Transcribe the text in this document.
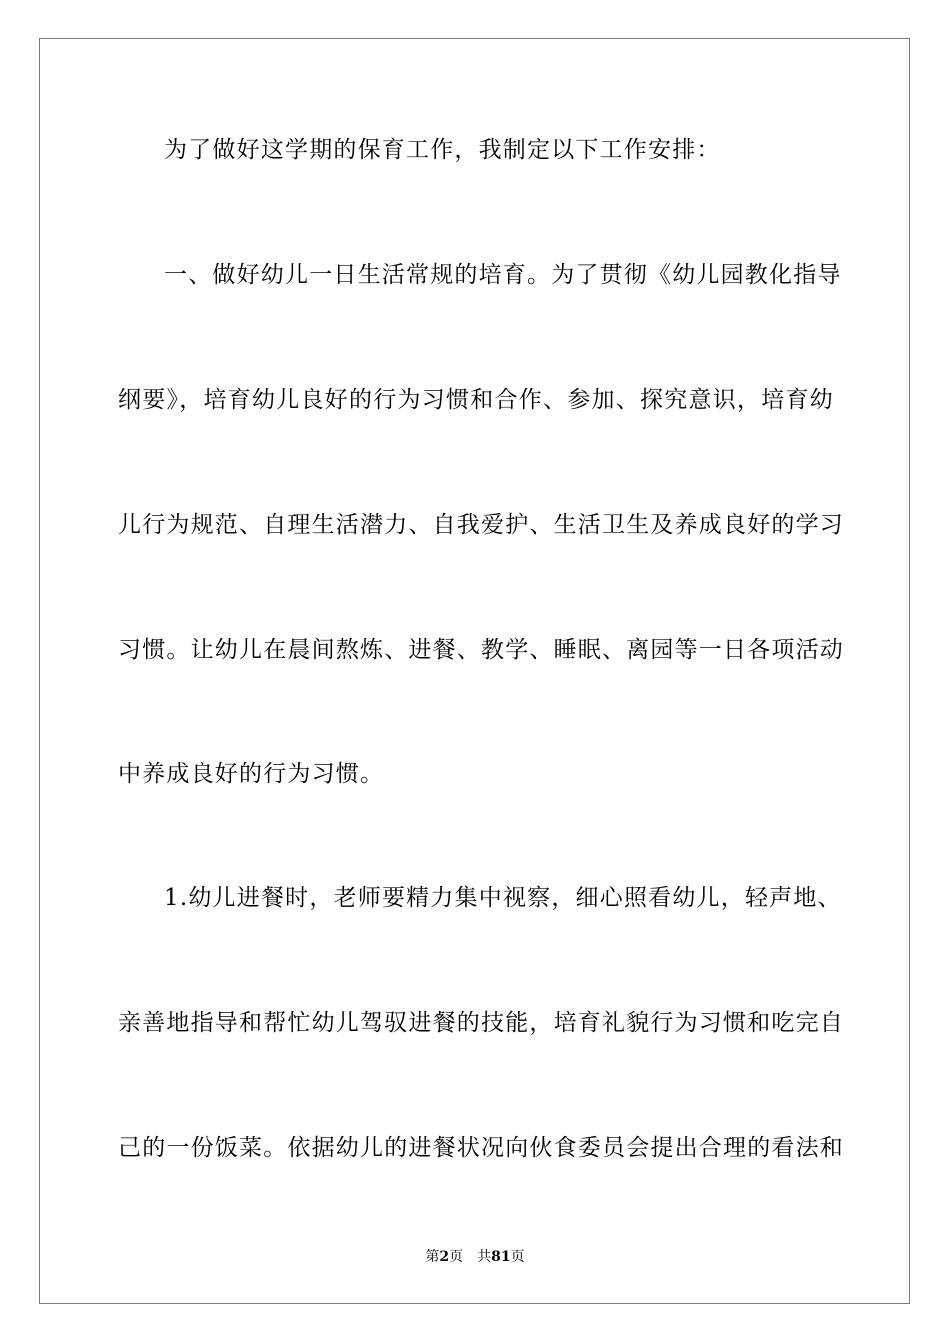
为了做好这学期的保育工作，我制定以下工作安排：
一、做好幼儿一日生活常规的培育。为了贯彻《幼儿园教化指导
纲要》，培育幼儿良好的行为习惯和合作、参加、探究意识，培育幼
儿行为规范、自理生活潜力、自我爱护、生活卫生及养成良好的学习
习惯。让幼儿在晨间熬炼、进餐、教学、睡眠、离园等一日各项活动
中养成良好的行为习惯。
1.幼儿进餐时，老师要精力集中视察，细心照看幼儿，轻声地、
亲善地指导和帮忙幼儿驾驭进餐的技能，培育礼貌行为习惯和吃完自
己的一份饭菜。依据幼儿的进餐状况向伙食委员会提出合理的看法和
第2页 共81页
